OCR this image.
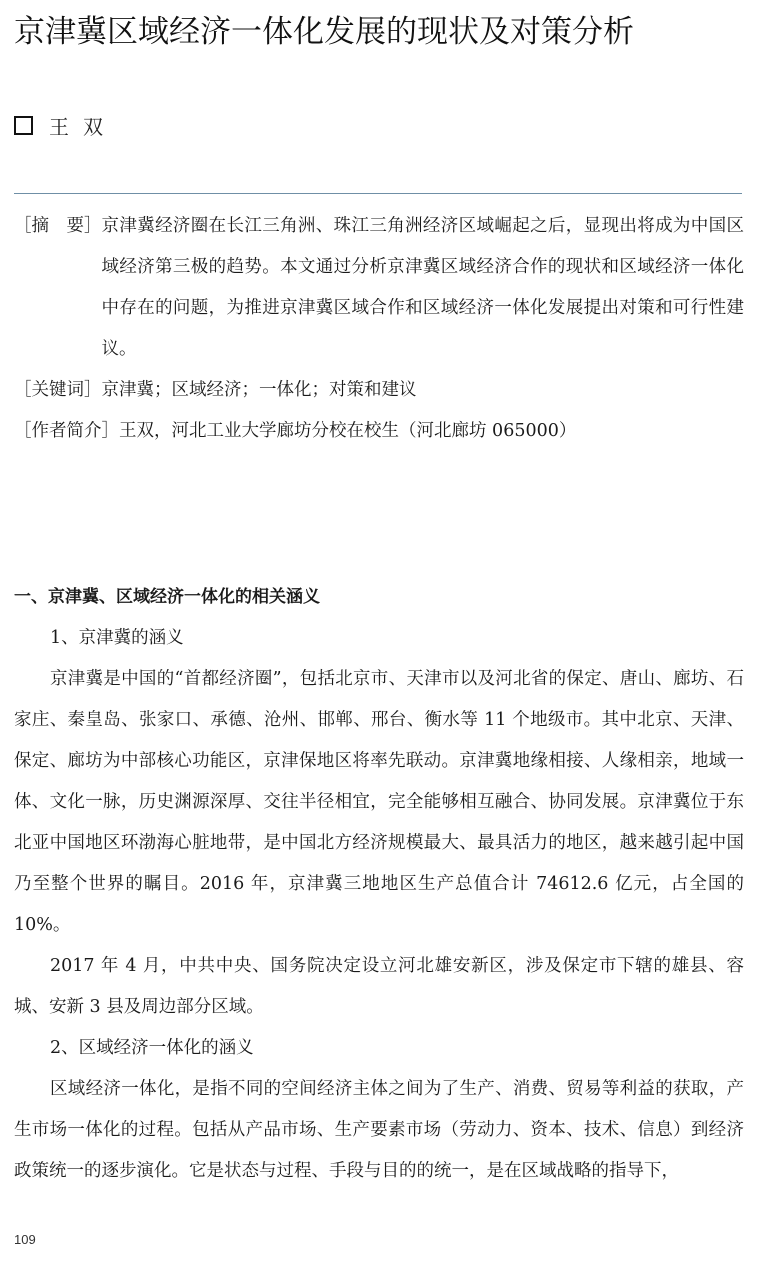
京津冀区域经济一体化发展的现状及对策分析
王双
［摘　要］ 京津冀经济圈在长江三角洲、珠江三角洲经济区域崛起之后，显现出将成为中国区域经济第三极的趋势。本文通过分析京津冀区域经济合作的现状和区域经济一体化中存在的问题，为推进京津冀区域合作和区域经济一体化发展提出对策和可行性建议。
［关键词］ 京津冀；区域经济；一体化；对策和建议
［作者简介］ 王双，河北工业大学廊坊分校在校生（河北廊坊 065000）

一、京津冀、区域经济一体化的相关涵义

1、京津冀的涵义

京津冀是中国的“首都经济圈”，包括北京市、天津市以及河北省的保定、唐山、廊坊、石家庄、秦皇岛、张家口、承德、沧州、邯郸、邢台、衡水等 11 个地级市。其中北京、天津、保定、廊坊为中部核心功能区，京津保地区将率先联动。京津冀地缘相接、人缘相亲，地域一体、文化一脉，历史渊源深厚、交往半径相宜，完全能够相互融合、协同发展。京津冀位于东北亚中国地区环渤海心脏地带，是中国北方经济规模最大、最具活力的地区，越来越引起中国乃至整个世界的瞩目。2016 年，京津冀三地地区生产总值合计 74612.6 亿元，占全国的 10%。

2017 年 4 月，中共中央、国务院决定设立河北雄安新区，涉及保定市下辖的雄县、容城、安新 3 县及周边部分区域。

2、区域经济一体化的涵义

区域经济一体化，是指不同的空间经济主体之间为了生产、消费、贸易等利益的获取，产生市场一体化的过程。包括从产品市场、生产要素市场（劳动力、资本、技术、信息）到经济政策统一的逐步演化。它是状态与过程、手段与目的的统一，是在区域战略的指导下，

109
